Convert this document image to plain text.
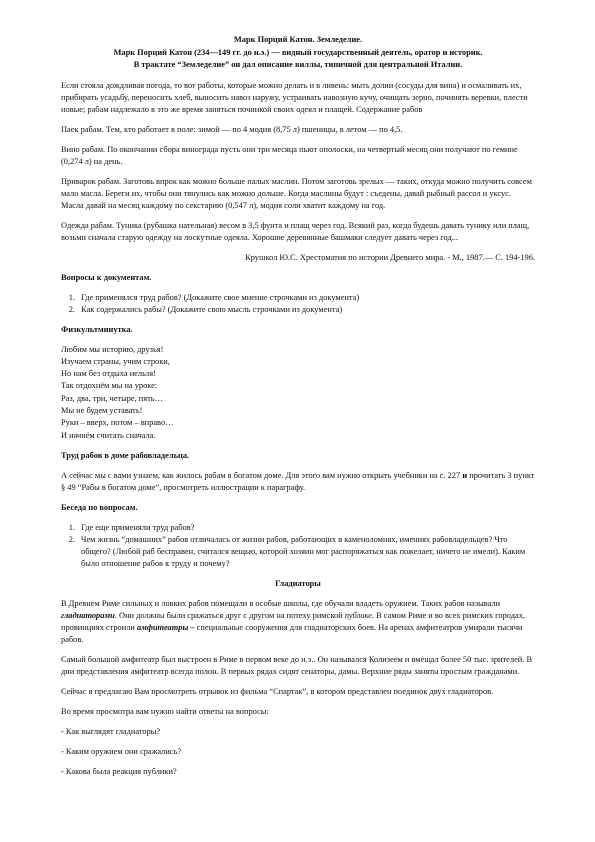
Марк Порций Катон. Земледелие.
Марк Порций Катон (234—149 гг. до н.э.) — видный государственный деятель, оратор и историк.
В трактате “Земледелие” он дал описание виллы, типичной для центральной Италии.

Если стояла дождливая погода, то вот работы, которые можно делать и в ливень: мыть долии (сосуды для вина) и осмаливать их, прибирать усадьбу, переносить хлеб, выносить навоз наружу, устраивать навозную кучу, очищать зерно, починять веревки, плести новые; рабам надлежало в это же время заняться починкой своих одеял и плащей. Содержание рабов

Паек рабам. Тем, кто работает в поле: зимой — по 4 модия (8,75 л) пшеницы, в летом — по 4,5.

Вино рабам. По окончании сбора винограда пусть они три месяца пьют ополоски, на четвертый месяц они получают по гемине (0,274 л) на день.

Приварок рабам. Заготовь впрок как можно больше палых маслин. Потом заготовь зрелых — таких, откуда можно получить совсем мало масла. Береги их, чтобы они тянулись как можно дольше. Когда маслины будут : съедены, давай рыбный рассол и уксус. Масла давай на месяц каждому по секстарию (0,547 л), модия соли хватит каждому на год.

Одежда рабам. Туника (рубашка нательная) весом в 3,5 фунта и плащ через год. Всякий раз, когда будешь давать тунику или плащ, возьми сначала старую одежду на лоскутные одеяла. Хорошие деревянные башмаки следует давать через год...

Крушкол Ю.С. Хрестоматия по истории Древнего мира. - М., 1987.— С. 194-196.

Вопросы к документам.
1. Где применялся труд рабов? (Докажите свое мнение строчками из документа)
2. Как содержались рабы? (Докажите свою мысль строчками из документа)
Физкультминутка.
Любим мы историю, друзья!
Изучаем страны, учим строки,
Но нам без отдыха нельзя!
Так отдохнём мы на уроке:
Раз, два, три, четыре, пять…
Мы не будем уставать!
Руки – вверх, потом – вправо…
И начнём считать сначала.
Труд рабов в доме рабовладельца.

А сейчас мы с вами узнаем, как жилось рабам в богатом доме. Для этого вам нужно открыть учебники на с. 227 и прочитать 3 пункт § 49 “Рабы в богатом доме”, просмотреть иллюстрации к параграфу.

Беседа по вопросам.
1. Где еще применяли труд рабов?
2. Чем жизнь “домашних” рабов отличалась от жизни рабов, работающих в каменоломнях, имениях рабовладельцев? Что общего? (Любой раб бесправен, считался вещью, которой хозяин мог распоряжаться как пожелает, ничего не имели). Каким было отношение рабов к труду и почему?
Гладиаторы

В Древнем Риме сильных и ловких рабов помещали в особые школы, где обучали владеть оружием. Таких рабов называли гладиаторами. Они должны были сражаться друг с другом на потеху римской публике. В самом Риме и во всех римских городах, провинциях строили амфитеатры – специальные сооружения для гладиаторских боев. На аренах амфитеатров умирали тысячи рабов.

Самый большой амфитеатр был выстроен в Риме в первом веке до н.э.. Он назывался Колизеем и вмещал более 50 тыс. зрителей. В дни представления амфитеатр всегда полон. В первых рядах сидят сенаторы, дамы. Верхние ряды заняты простым гражданами.

Сейчас я предлагаю Вам просмотреть отрывок из фильма “Спартак”, в котором представлен поединок двух гладиаторов.

Во время просмотра вам нужно найти ответы на вопросы:

- Как выглядят гладиаторы?

- Каким оружием они сражались?

- Какова была реакция публики?
